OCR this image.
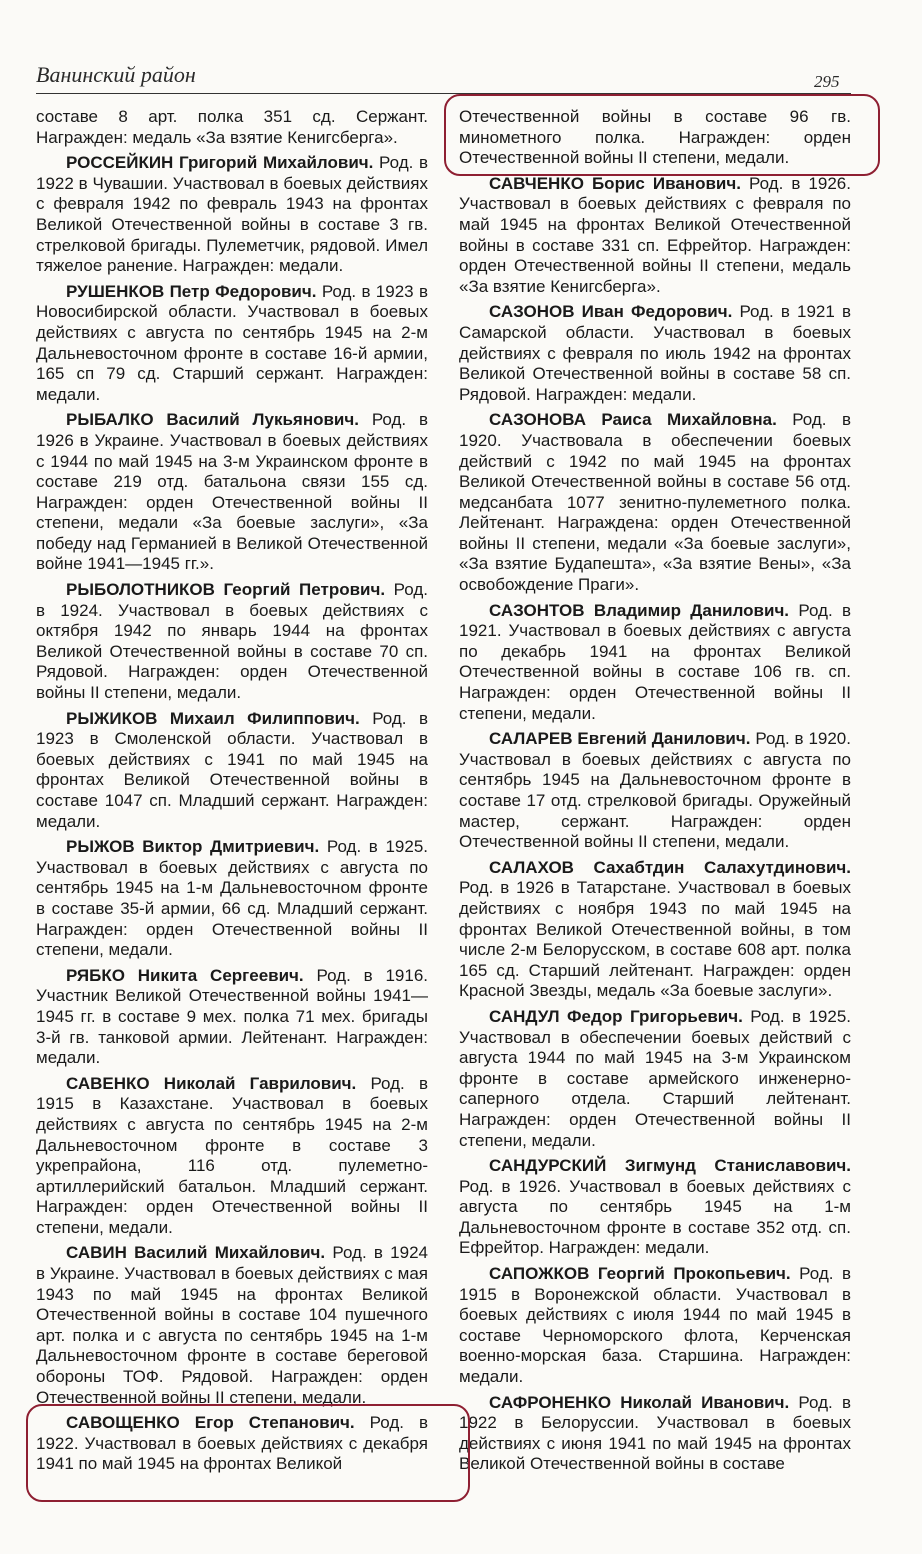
Ванинский район	295

составе 8 арт. полка 351 сд. Сержант. Награжден: медаль «За взятие Кенигсберга».

РОССЕЙКИН Григорий Михайлович. Род. в 1922 в Чувашии. Участвовал в боевых действиях с февраля 1942 по февраль 1943 на фронтах Великой Отечественной войны в составе 3 гв. стрелковой бригады. Пулеметчик, рядовой. Имел тяжелое ранение. Награжден: медали.

РУШЕНКОВ Петр Федорович. Род. в 1923 в Новосибирской области. Участвовал в боевых действиях с августа по сентябрь 1945 на 2-м Дальневосточном фронте в составе 16-й армии, 165 сп 79 сд. Старший сержант. Награжден: медали.

РЫБАЛКО Василий Лукьянович. Род. в 1926 в Украине. Участвовал в боевых действиях с 1944 по май 1945 на 3-м Украинском фронте в составе 219 отд. батальона связи 155 сд. Награжден: орден Отечественной войны II степени, медали «За боевые заслуги», «За победу над Германией в Великой Отечественной войне 1941—1945 гг.».

РЫБОЛОТНИКОВ Георгий Петрович. Род. в 1924. Участвовал в боевых действиях с октября 1942 по январь 1944 на фронтах Великой Отечественной войны в составе 70 сп. Рядовой. Награжден: орден Отечественной войны II степени, медали.

РЫЖИКОВ Михаил Филиппович. Род. в 1923 в Смоленской области. Участвовал в боевых действиях с 1941 по май 1945 на фронтах Великой Отечественной войны в составе 1047 сп. Младший сержант. Награжден: медали.

РЫЖОВ Виктор Дмитриевич. Род. в 1925. Участвовал в боевых действиях с августа по сентябрь 1945 на 1-м Дальневосточном фронте в составе 35-й армии, 66 сд. Младший сержант. Награжден: орден Отечественной войны II степени, медали.

РЯБКО Никита Сергеевич. Род. в 1916. Участник Великой Отечественной войны 1941—1945 гг. в составе 9 мех. полка 71 мех. бригады 3-й гв. танковой армии. Лейтенант. Награжден: медали.

САВЕНКО Николай Гаврилович. Род. в 1915 в Казахстане. Участвовал в боевых действиях с августа по сентябрь 1945 на 2-м Дальневосточном фронте в составе 3 укрепрайона, 116 отд. пулеметно-артиллерийский батальон. Младший сержант. Награжден: орден Отечественной войны II степени, медали.

САВИН Василий Михайлович. Род. в 1924 в Украине. Участвовал в боевых действиях с мая 1943 по май 1945 на фронтах Великой Отечественной войны в составе 104 пушечного арт. полка и с августа по сентябрь 1945 на 1-м Дальневосточном фронте в составе береговой обороны ТОФ. Рядовой. Награжден: орден Отечественной войны II степени, медали.

САВОЩЕНКО Егор Степанович. Род. в 1922. Участвовал в боевых действиях с декабря 1941 по май 1945 на фронтах Великой

Отечественной войны в составе 96 гв. минометного полка. Награжден: орден Отечественной войны II степени, медали.

САВЧЕНКО Борис Иванович. Род. в 1926. Участвовал в боевых действиях с февраля по май 1945 на фронтах Великой Отечественной войны в составе 331 сп. Ефрейтор. Награжден: орден Отечественной войны II степени, медаль «За взятие Кенигсберга».

САЗОНОВ Иван Федорович. Род. в 1921 в Самарской области. Участвовал в боевых действиях с февраля по июль 1942 на фронтах Великой Отечественной войны в составе 58 сп. Рядовой. Награжден: медали.

САЗОНОВА Раиса Михайловна. Род. в 1920. Участвовала в обеспечении боевых действий с 1942 по май 1945 на фронтах Великой Отечественной войны в составе 56 отд. медсанбата 1077 зенитно-пулеметного полка. Лейтенант. Награждена: орден Отечественной войны II степени, медали «За боевые заслуги», «За взятие Будапешта», «За взятие Вены», «За освобождение Праги».

САЗОНТОВ Владимир Данилович. Род. в 1921. Участвовал в боевых действиях с августа по декабрь 1941 на фронтах Великой Отечественной войны в составе 106 гв. сп. Награжден: орден Отечественной войны II степени, медали.

САЛАРЕВ Евгений Данилович. Род. в 1920. Участвовал в боевых действиях с августа по сентябрь 1945 на Дальневосточном фронте в составе 17 отд. стрелковой бригады. Оружейный мастер, сержант. Награжден: орден Отечественной войны II степени, медали.

САЛАХОВ Сахабтдин Салахутдинович. Род. в 1926 в Татарстане. Участвовал в боевых действиях с ноября 1943 по май 1945 на фронтах Великой Отечественной войны, в том числе 2-м Белорусском, в составе 608 арт. полка 165 сд. Старший лейтенант. Награжден: орден Красной Звезды, медаль «За боевые заслуги».

САНДУЛ Федор Григорьевич. Род. в 1925. Участвовал в обеспечении боевых действий с августа 1944 по май 1945 на 3-м Украинском фронте в составе армейского инженерно-саперного отдела. Старший лейтенант. Награжден: орден Отечественной войны II степени, медали.

САНДУРСКИЙ Зигмунд Станиславович. Род. в 1926. Участвовал в боевых действиях с августа по сентябрь 1945 на 1-м Дальневосточном фронте в составе 352 отд. сп. Ефрейтор. Награжден: медали.

САПОЖКОВ Георгий Прокопьевич. Род. в 1915 в Воронежской области. Участвовал в боевых действиях с июля 1944 по май 1945 в составе Черноморского флота, Керченская военно-морская база. Старшина. Награжден: медали.

САФРОНЕНКО Николай Иванович. Род. в 1922 в Белоруссии. Участвовал в боевых действиях с июня 1941 по май 1945 на фронтах Великой Отечественной войны в составе
